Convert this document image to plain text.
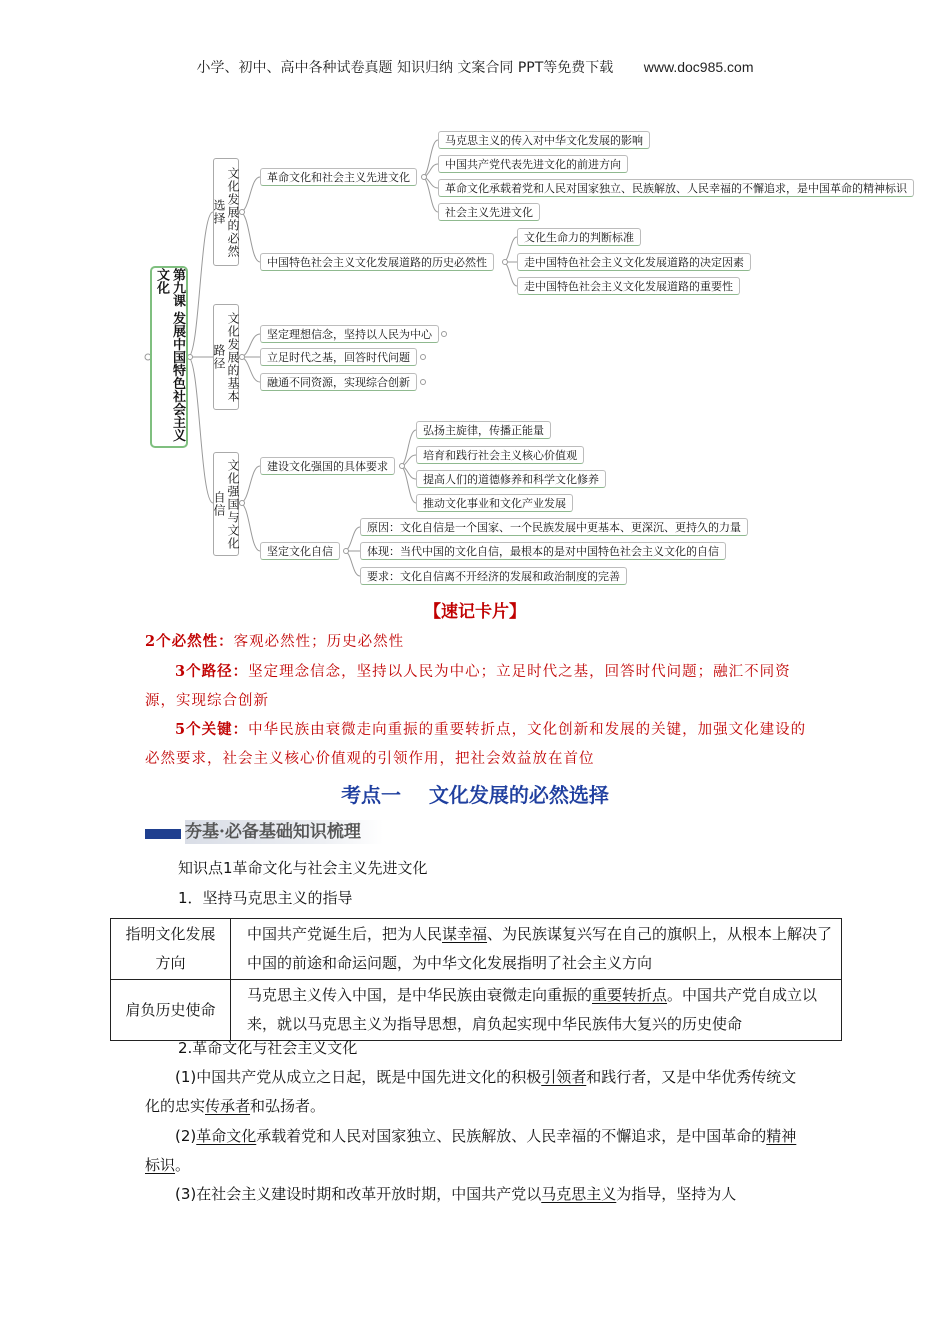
小学、初中、高中各种试卷真题 知识归纳 文案合同 PPT等免费下载 www.doc985.com
第九课 发展中国特色社会主义文化
文化发展的必然选择
革命文化和社会主义先进文化
马克思主义的传入对中华文化发展的影响
中国共产党代表先进文化的前进方向
革命文化承载着党和人民对国家独立、民族解放、人民幸福的不懈追求，是中国革命的精神标识
社会主义先进文化
中国特色社会主义文化发展道路的历史必然性
文化生命力的判断标准
走中国特色社会主义文化发展道路的决定因素
走中国特色社会主义文化发展道路的重要性
文化发展的基本路径
坚定理想信念，坚持以人民为中心
立足时代之基，回答时代问题
融通不同资源，实现综合创新
文化强国与文化自信
建设文化强国的具体要求
弘扬主旋律，传播正能量
培育和践行社会主义核心价值观
提高人们的道德修养和科学文化修养
推动文化事业和文化产业发展
坚定文化自信
原因：文化自信是一个国家、一个民族发展中更基本、更深沉、更持久的力量
体现：当代中国的文化自信，最根本的是对中国特色社会主义文化的自信
要求：文化自信离不开经济的发展和政治制度的完善
【速记卡片】
2个必然性：客观必然性；历史必然性
3个路径：坚定理念信念，坚持以人民为中心；立足时代之基，回答时代问题；融汇不同资源，实现综合创新
5个关键：中华民族由衰微走向重振的重要转折点，文化创新和发展的关键，加强文化建设的必然要求，社会主义核心价值观的引领作用，把社会效益放在首位
考点一    文化发展的必然选择
夯基·必备基础知识梳理
知识点1革命文化与社会主义先进文化
1．坚持马克思主义的指导
指明文化发展方向	中国共产党诞生后，把为人民谋幸福、为民族谋复兴写在自己的旗帜上，从根本上解决了中国的前途和命运问题，为中华文化发展指明了社会主义方向
肩负历史使命	马克思主义传入中国，是中华民族由衰微走向重振的重要转折点。中国共产党自成立以来，就以马克思主义为指导思想，肩负起实现中华民族伟大复兴的历史使命
2.革命文化与社会主义文化
(1)中国共产党从成立之日起，既是中国先进文化的积极引领者和践行者，又是中华优秀传统文化的忠实传承者和弘扬者。
(2)革命文化承载着党和人民对国家独立、民族解放、人民幸福的不懈追求，是中国革命的精神标识。
(3)在社会主义建设时期和改革开放时期，中国共产党以马克思主义为指导，坚持为人
